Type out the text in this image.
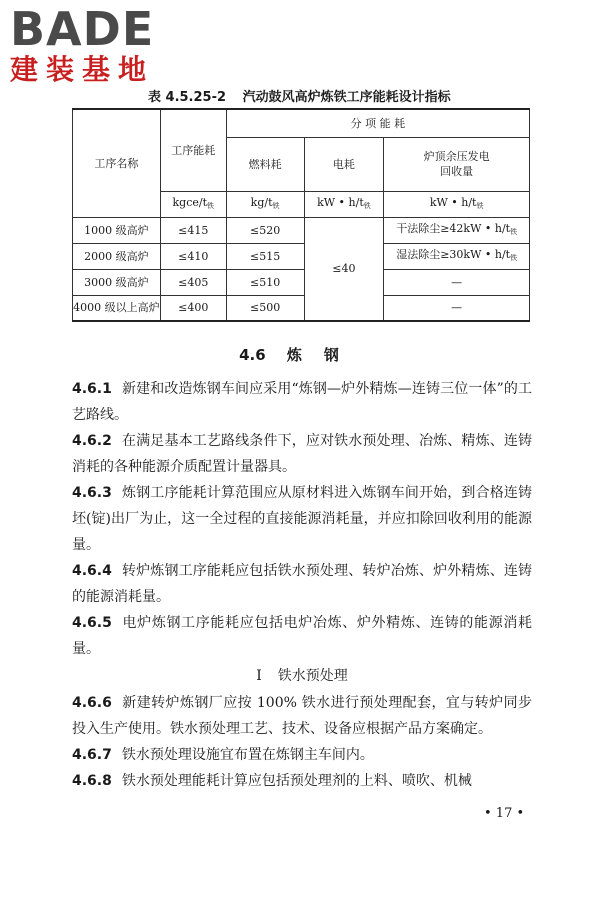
BADE
建装基地
表 4.5.25-2 汽动鼓风高炉炼铁工序能耗设计指标
工序名称	工序能耗	分 项 能 耗		
		燃料耗	电耗	炉顶余压发电
回收量

	kgce/$t_铁$	$kg/t_铁$	kW • $h/t_铁$	kW • $h/t_铁$
1000 级高炉	≤415	≤520	≤40	干法除尘≥42kW • $h/t_铁$
2000 级高炉	≤410	≤515		湿法除尘≥30kW • $h/t_铁$
3000 级高炉	≤405	≤510		—
4000 级以上高炉	≤400	≤500		—
4.6 炼钢

4.6.1 新建和改造炼钢车间应采用“炼钢—炉外精炼—连铸三位一体”的工艺路线。

4.6.2 在满足基本工艺路线条件下，应对铁水预处理、冶炼、精炼、连铸消耗的各种能源介质配置计量器具。

4.6.3 炼钢工序能耗计算范围应从原材料进入炼钢车间开始，到合格连铸坯(锭)出厂为止，这一全过程的直接能源消耗量，并应扣除回收利用的能源量。

4.6.4 转炉炼钢工序能耗应包括铁水预处理、转炉冶炼、炉外精炼、连铸的能源消耗量。

4.6.5 电炉炼钢工序能耗应包括电炉冶炼、炉外精炼、连铸的能源消耗量。

Ⅰ 铁水预处理

4.6.6 新建转炉炼钢厂应按 100% 铁水进行预处理配套，宜与转炉同步投入生产使用。铁水预处理工艺、技术、设备应根据产品方案确定。

4.6.7 铁水预处理设施宜布置在炼钢主车间内。

4.6.8 铁水预处理能耗计算应包括预处理剂的上料、喷吹、机械

• 17 •
